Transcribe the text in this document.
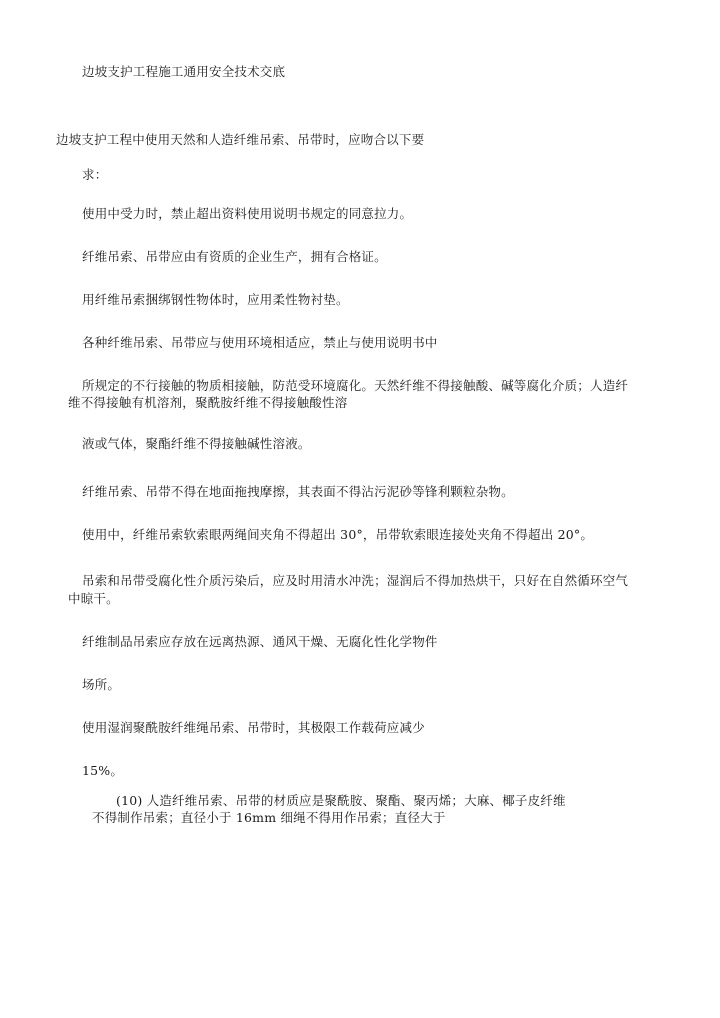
边坡支护工程施工通用安全技术交底
边坡支护工程中使用天然和人造纤维吊索、吊带时，应吻合以下要
求：
使用中受力时，禁止超出资料使用说明书规定的同意拉力。
纤维吊索、吊带应由有资质的企业生产，拥有合格证。
用纤维吊索捆绑钢性物体时，应用柔性物衬垫。
各种纤维吊索、吊带应与使用环境相适应，禁止与使用说明书中
所规定的不行接触的物质相接触，防范受环境腐化。天然纤维不得接触酸、碱等腐化介质；人造纤
维不得接触有机溶剂，聚酰胺纤维不得接触酸性溶
液或气体，聚酯纤维不得接触碱性溶液。
纤维吊索、吊带不得在地面拖拽摩擦，其表面不得沾污泥砂等锋利颗粒杂物。
使用中，纤维吊索软索眼两绳间夹角不得超出 30°，吊带软索眼连接处夹角不得超出 20°。
吊索和吊带受腐化性介质污染后，应及时用清水冲洗；湿润后不得加热烘干，只好在自然循环空气
中晾干。
纤维制品吊索应存放在远离热源、通风干燥、无腐化性化学物件
场所。
使用湿润聚酰胺纤维绳吊索、吊带时，其极限工作载荷应减少
15%。
(10) 人造纤维吊索、吊带的材质应是聚酰胺、聚酯、聚丙烯；大麻、椰子皮纤维
不得制作吊索；直径小于 16mm 细绳不得用作吊索；直径大于
